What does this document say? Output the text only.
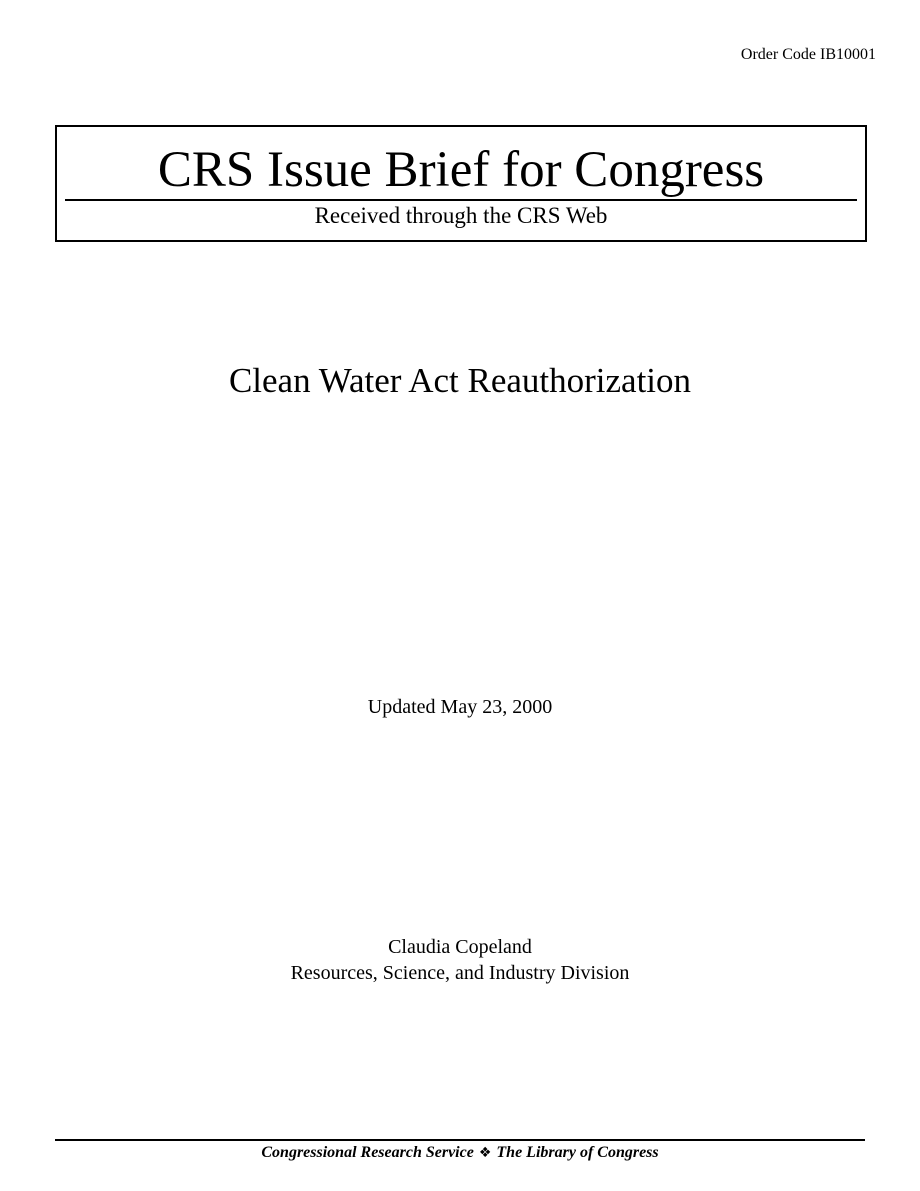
Order Code IB10001
CRS Issue Brief for Congress
Received through the CRS Web
Clean Water Act Reauthorization
Updated May 23, 2000
Claudia Copeland
Resources, Science, and Industry Division
Congressional Research Service ❖ The Library of Congress
